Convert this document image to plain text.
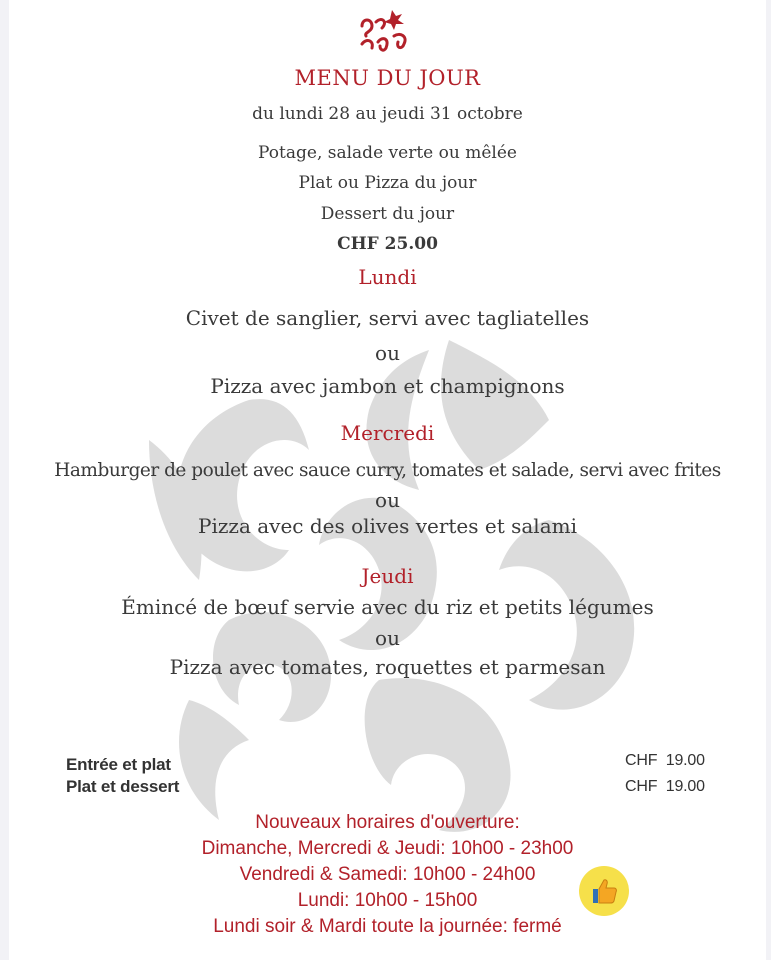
MENU DU JOUR
du lundi 28 au jeudi 31 octobre
Potage, salade verte ou mêlée
Plat ou Pizza du jour
Dessert du jour
CHF 25.00
Lundi
Civet de sanglier, servi avec tagliatelles
ou
Pizza avec jambon et champignons
Mercredi
Hamburger de poulet avec sauce curry, tomates et salade, servi avec frites
ou
Pizza avec des olives vertes et salami
Jeudi
Émincé de bœuf servie avec du riz et petits légumes
ou
Pizza avec tomates, roquettes et parmesan
Entrée et plat
Plat et dessert
CHF  19.00
CHF  19.00
Nouveaux horaires d'ouverture:
Dimanche, Mercredi & Jeudi: 10h00 - 23h00
Vendredi & Samedi: 10h00 - 24h00
Lundi: 10h00 - 15h00
Lundi soir & Mardi toute la journée: fermé
